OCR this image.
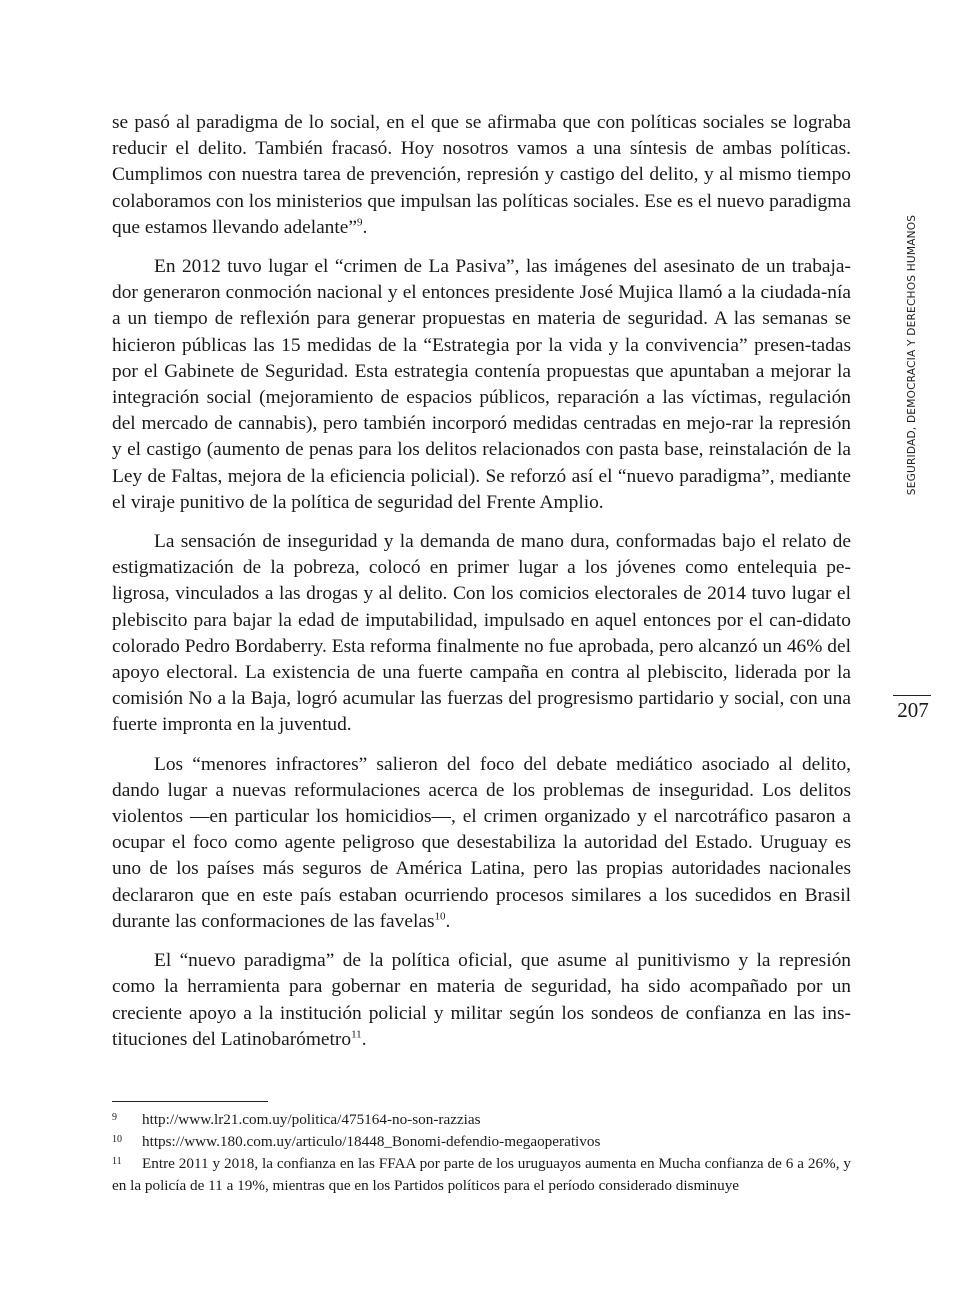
se pasó al paradigma de lo social, en el que se afirmaba que con políticas sociales se lograba reducir el delito. También fracasó. Hoy nosotros vamos a una síntesis de ambas políticas. Cumplimos con nuestra tarea de prevención, represión y castigo del delito, y al mismo tiempo colaboramos con los ministerios que impulsan las políticas sociales. Ese es el nuevo paradigma que estamos llevando adelante”$^9$.

En 2012 tuvo lugar el “crimen de La Pasiva”, las imágenes del asesinato de un trabaja-dor generaron conmoción nacional y el entonces presidente José Mujica llamó a la ciudada-nía a un tiempo de reflexión para generar propuestas en materia de seguridad. A las semanas se hicieron públicas las 15 medidas de la “Estrategia por la vida y la convivencia” presen-tadas por el Gabinete de Seguridad. Esta estrategia contenía propuestas que apuntaban a mejorar la integración social (mejoramiento de espacios públicos, reparación a las víctimas, regulación del mercado de cannabis), pero también incorporó medidas centradas en mejo-rar la represión y el castigo (aumento de penas para los delitos relacionados con pasta base, reinstalación de la Ley de Faltas, mejora de la eficiencia policial). Se reforzó así el “nuevo paradigma”, mediante el viraje punitivo de la política de seguridad del Frente Amplio.

La sensación de inseguridad y la demanda de mano dura, conformadas bajo el relato de estigmatización de la pobreza, colocó en primer lugar a los jóvenes como entelequia pe-ligrosa, vinculados a las drogas y al delito. Con los comicios electorales de 2014 tuvo lugar el plebiscito para bajar la edad de imputabilidad, impulsado en aquel entonces por el can-didato colorado Pedro Bordaberry. Esta reforma finalmente no fue aprobada, pero alcanzó un 46% del apoyo electoral. La existencia de una fuerte campaña en contra al plebiscito, liderada por la comisión No a la Baja, logró acumular las fuerzas del progresismo partidario y social, con una fuerte impronta en la juventud.

Los “menores infractores” salieron del foco del debate mediático asociado al delito, dando lugar a nuevas reformulaciones acerca de los problemas de inseguridad. Los delitos violentos —en particular los homicidios—, el crimen organizado y el narcotráfico pasaron a ocupar el foco como agente peligroso que desestabiliza la autoridad del Estado. Uruguay es uno de los países más seguros de América Latina, pero las propias autoridades nacionales declararon que en este país estaban ocurriendo procesos similares a los sucedidos en Brasil durante las conformaciones de las favelas$^{10}$.

El “nuevo paradigma” de la política oficial, que asume al punitivismo y la represión como la herramienta para gobernar en materia de seguridad, ha sido acompañado por un creciente apoyo a la institución policial y militar según los sondeos de confianza en las ins-tituciones del Latinobarómetro$^{11}$.

9 http://www.lr21.com.uy/politica/475164-no-son-razzias

10 https://www.180.com.uy/articulo/18448_Bonomi-defendio-megaoperativos

11 Entre 2011 y 2018, la confianza en las FFAA por parte de los uruguayos aumenta en Mucha confianza de 6 a 26%, y en la policía de 11 a 19%, mientras que en los Partidos políticos para el período considerado disminuye

SEGURIDAD, DEMOCRACIA Y DERECHOS HUMANOS
207
